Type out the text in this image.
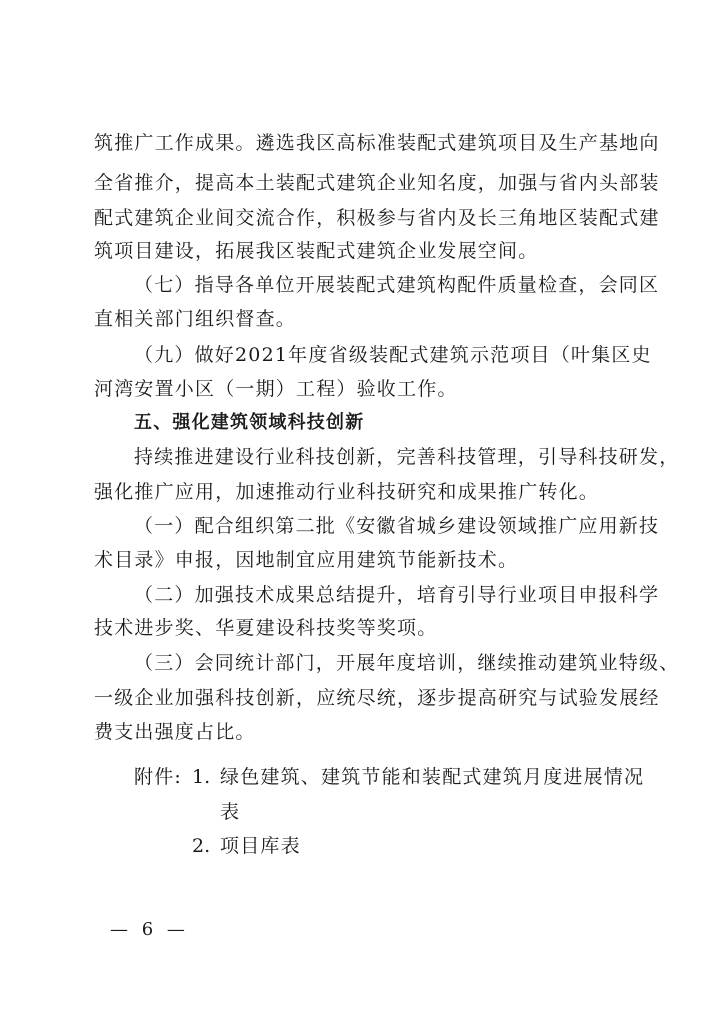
筑推广工作成果。遴选我区高标准装配式建筑项目及生产基地向
全省推介，提高本土装配式建筑企业知名度，加强与省内头部装
配式建筑企业间交流合作，积极参与省内及长三角地区装配式建
筑项目建设，拓展我区装配式建筑企业发展空间。
（七）指导各单位开展装配式建筑构配件质量检查，会同区
直相关部门组织督查。
（九）做好2021年度省级装配式建筑示范项目（叶集区史
河湾安置小区（一期）工程）验收工作。
五、强化建筑领域科技创新
持续推进建设行业科技创新，完善科技管理，引导科技研发，
强化推广应用，加速推动行业科技研究和成果推广转化。
（一）配合组织第二批《安徽省城乡建设领域推广应用新技
术目录》申报，因地制宜应用建筑节能新技术。
（二）加强技术成果总结提升，培育引导行业项目申报科学
技术进步奖、华夏建设科技奖等奖项。
（三）会同统计部门，开展年度培训，继续推动建筑业特级、
一级企业加强科技创新，应统尽统，逐步提高研究与试验发展经
费支出强度占比。
附件: 1. 绿色建筑、建筑节能和装配式建筑月度进展情况
表
2. 项目库表
— 6 —
